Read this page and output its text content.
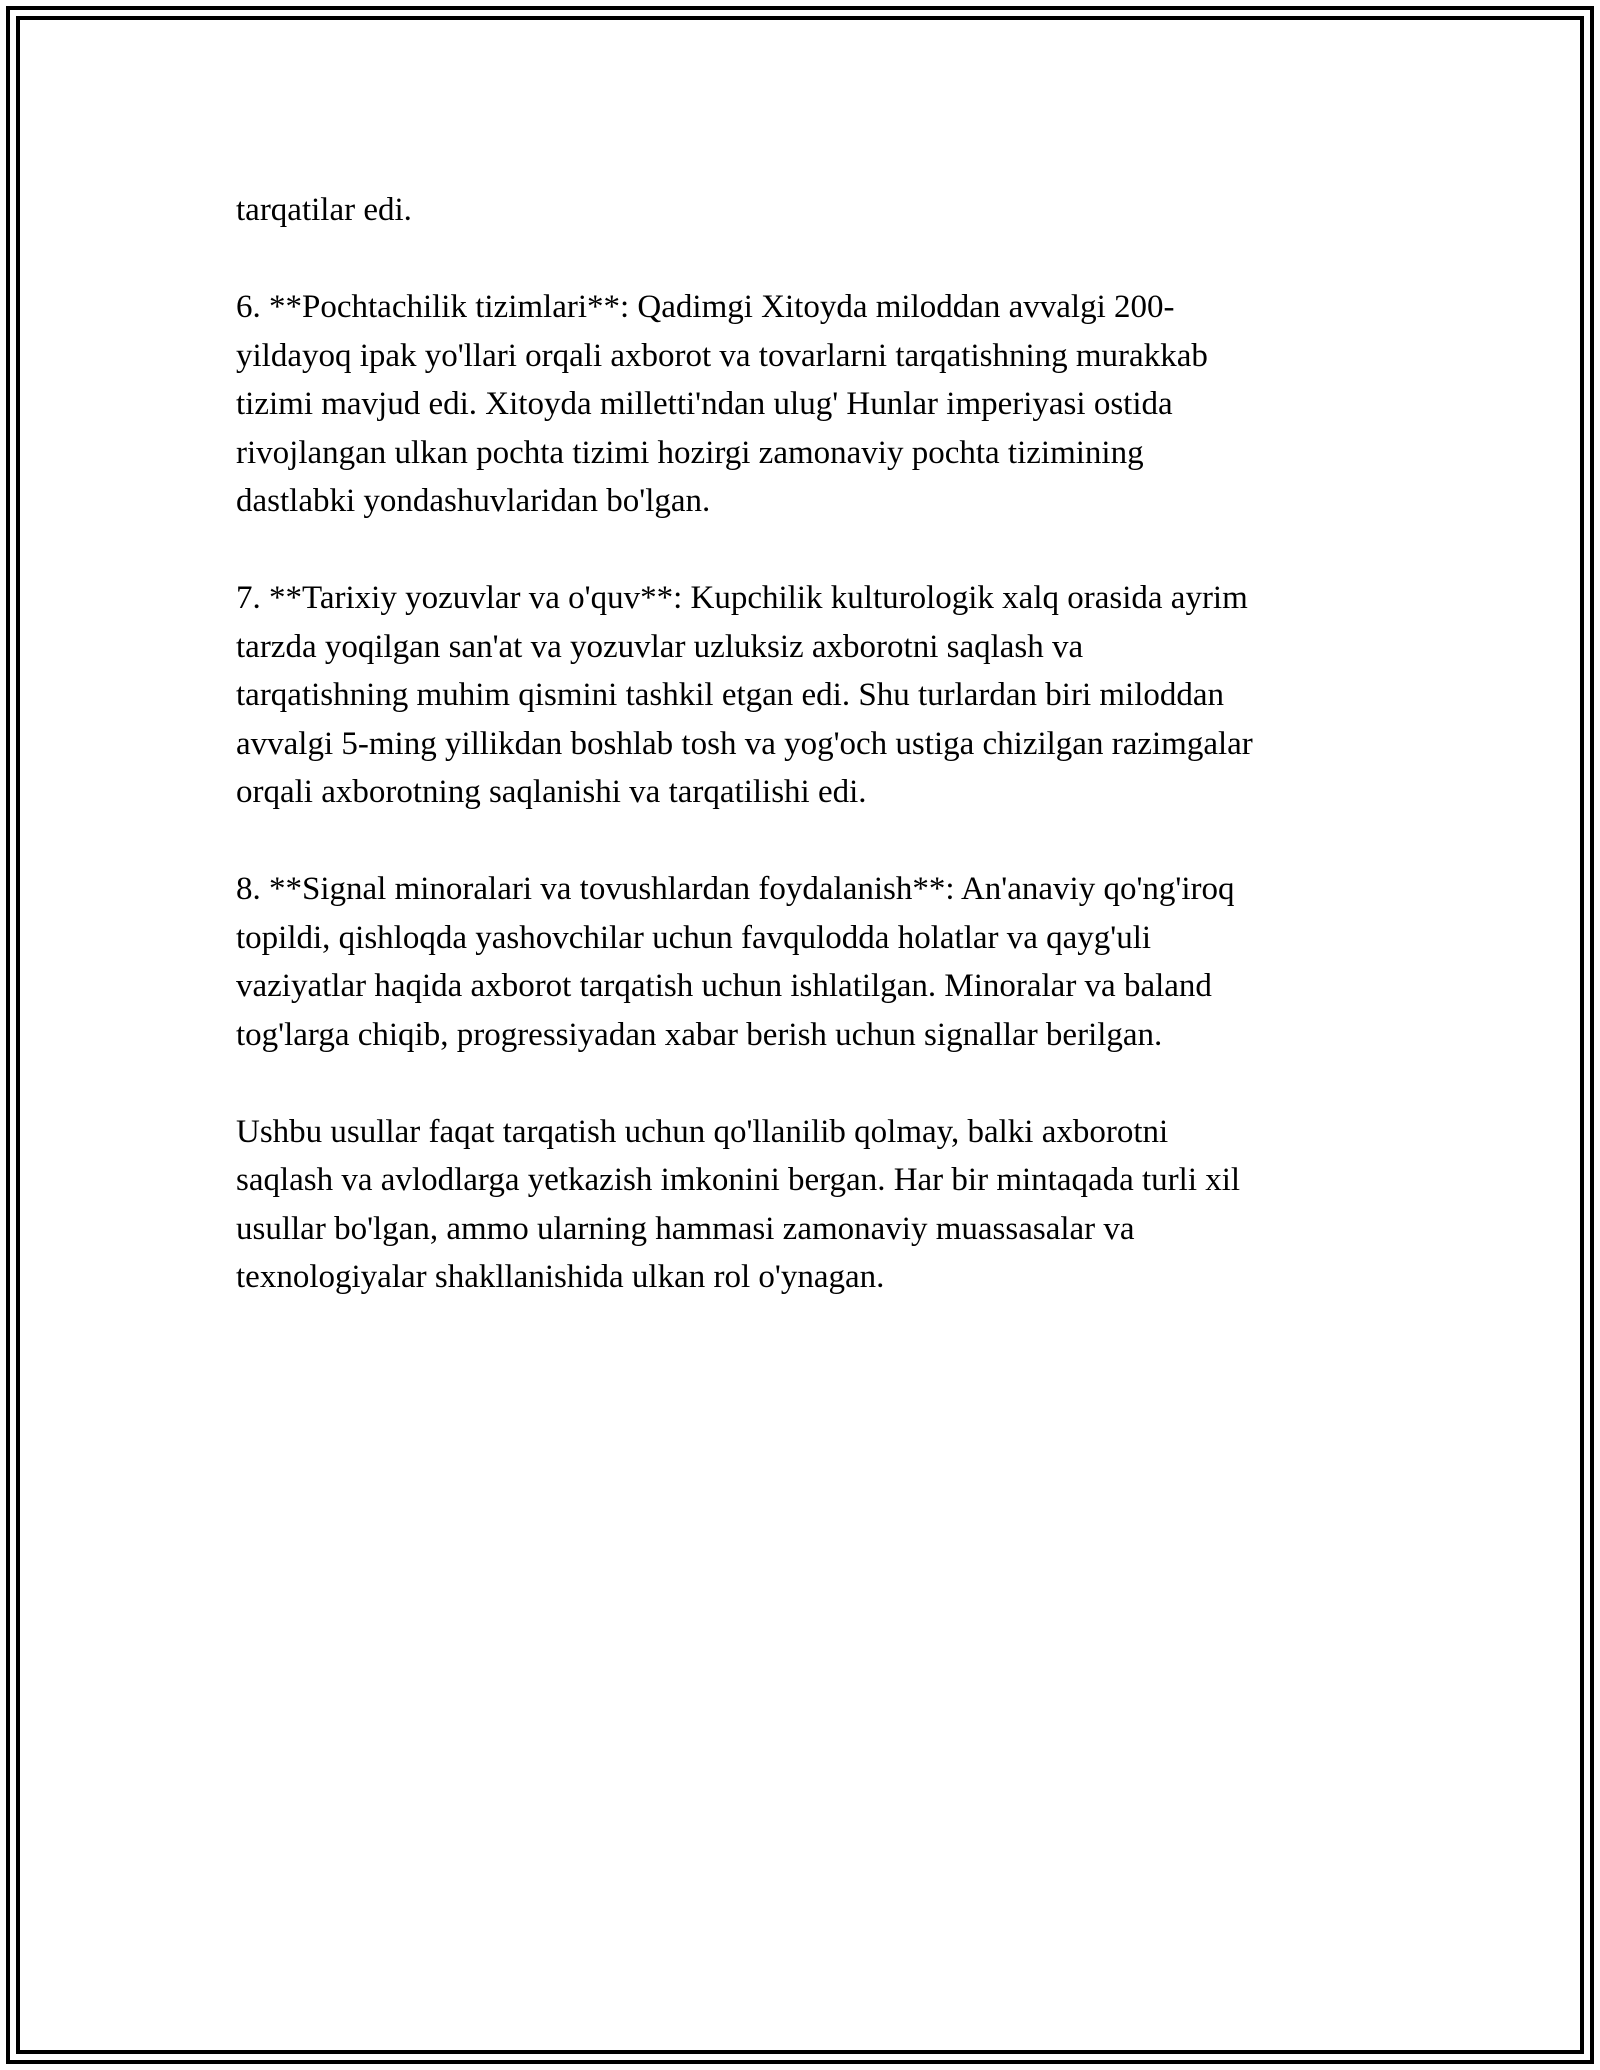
tarqatilar edi.

6. **Pochtachilik tizimlari**: Qadimgi Xitoyda miloddan avvalgi 200-
yildayoq ipak yo'llari orqali axborot va tovarlarni tarqatishning murakkab
tizimi mavjud edi. Xitoyda milletti'ndan ulug' Hunlar imperiyasi ostida
rivojlangan ulkan pochta tizimi hozirgi zamonaviy pochta tizimining
dastlabki yondashuvlaridan bo'lgan.

7. **Tarixiy yozuvlar va o'quv**: Kupchilik kulturologik xalq orasida ayrim
tarzda yoqilgan san'at va yozuvlar uzluksiz axborotni saqlash va
tarqatishning muhim qismini tashkil etgan edi. Shu turlardan biri miloddan
avvalgi 5-ming yillikdan boshlab tosh va yog'och ustiga chizilgan razimgalar
orqali axborotning saqlanishi va tarqatilishi edi.

8. **Signal minoralari va tovushlardan foydalanish**: An'anaviy qo'ng'iroq
topildi, qishloqda yashovchilar uchun favqulodda holatlar va qayg'uli
vaziyatlar haqida axborot tarqatish uchun ishlatilgan. Minoralar va baland
tog'larga chiqib, progressiyadan xabar berish uchun signallar berilgan.

Ushbu usullar faqat tarqatish uchun qo'llanilib qolmay, balki axborotni
saqlash va avlodlarga yetkazish imkonini bergan. Har bir mintaqada turli xil
usullar bo'lgan, ammo ularning hammasi zamonaviy muassasalar va
texnologiyalar shakllanishida ulkan rol o'ynagan.
